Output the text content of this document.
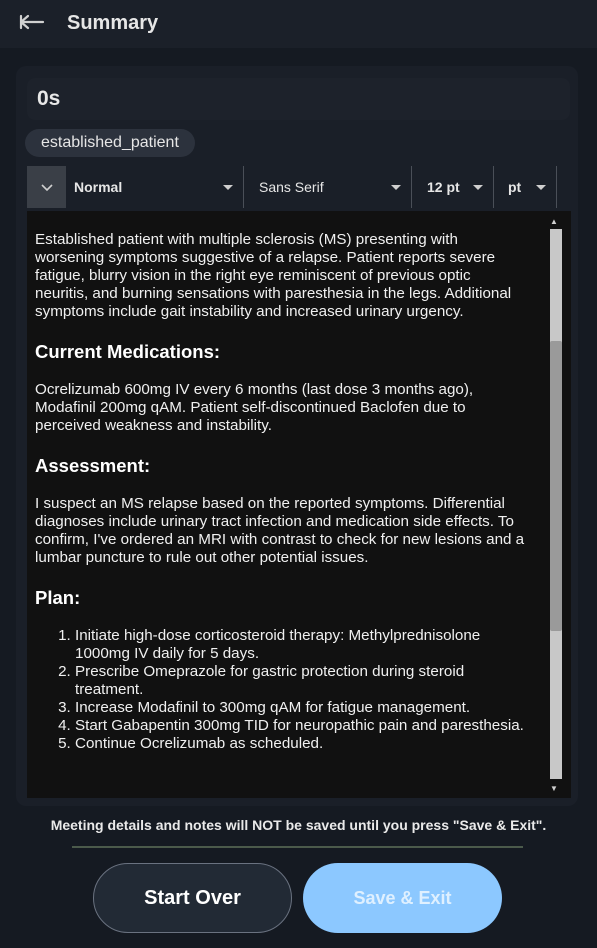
Summary
0s
established_patient
Normal	Sans Serif	12 pt	pt

Established patient with multiple sclerosis (MS) presenting with worsening symptoms suggestive of a relapse. Patient reports severe fatigue, blurry vision in the right eye reminiscent of previous optic neuritis, and burning sensations with paresthesia in the legs. Additional symptoms include gait instability and increased urinary urgency.

Current Medications:

Ocrelizumab 600mg IV every 6 months (last dose 3 months ago), Modafinil 200mg qAM. Patient self-discontinued Baclofen due to perceived weakness and instability.

Assessment:

I suspect an MS relapse based on the reported symptoms. Differential diagnoses include urinary tract infection and medication side effects. To confirm, I've ordered an MRI with contrast to check for new lesions and a lumbar puncture to rule out other potential issues.

Plan:
1. Initiate high-dose corticosteroid therapy: Methylprednisolone 1000mg IV daily for 5 days.
2. Prescribe Omeprazole for gastric protection during steroid treatment.
3. Increase Modafinil to 300mg qAM for fatigue management.
4. Start Gabapentin 300mg TID for neuropathic pain and paresthesia.
5. Continue Ocrelizumab as scheduled.
▲
▼
Meeting details and notes will NOT be saved until you press "Save & Exit".
Start Over	Save & Exit
